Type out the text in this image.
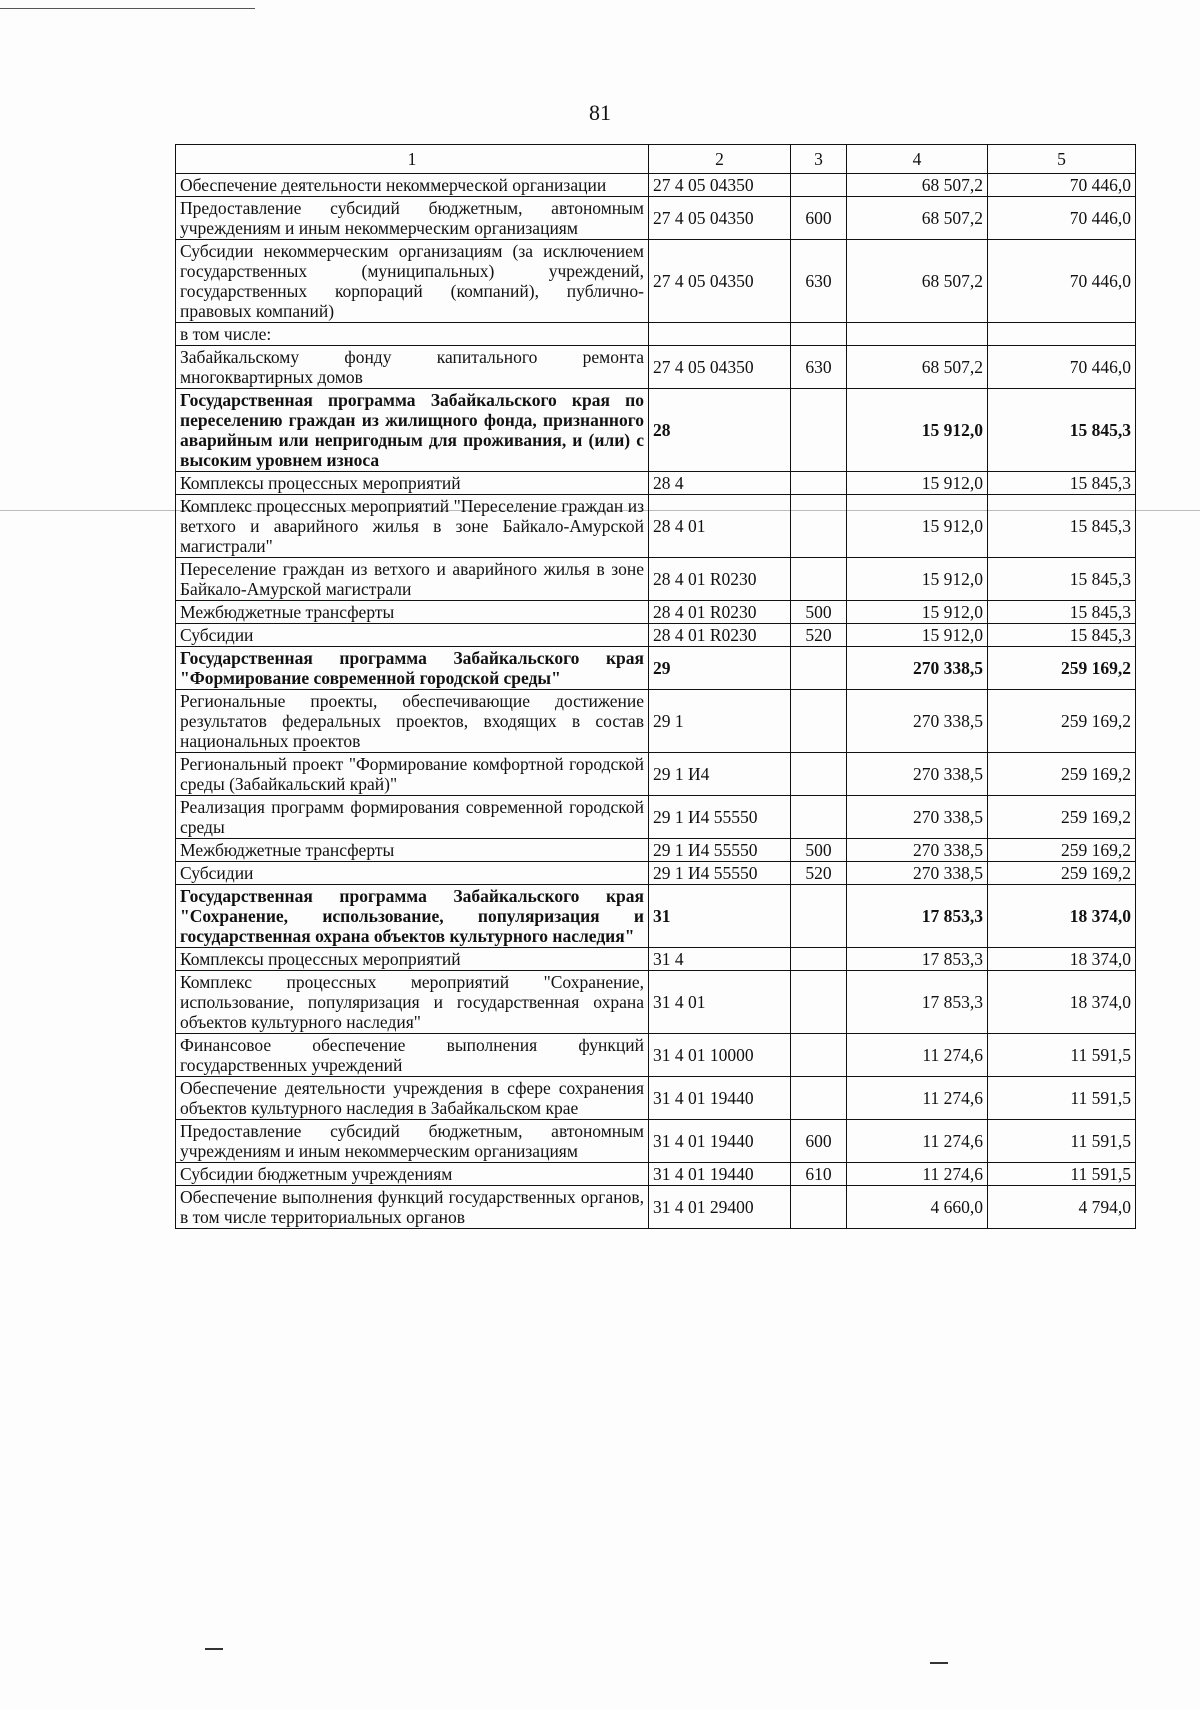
81
1	2	3	4	5
Обеспечение деятельности некоммерческой организации	27 4 05 04350		68 507,2	70 446,0
Предоставление субсидий бюджетным, автономным учреждениям и иным некоммерческим организациям	27 4 05 04350	600	68 507,2	70 446,0
Субсидии некоммерческим организациям (за исключением государственных (муниципальных) учреждений, государственных корпораций (компаний), публично-правовых компаний)	27 4 05 04350	630	68 507,2	70 446,0
в том числе:				
Забайкальскому фонду капитального ремонта многоквартирных домов	27 4 05 04350	630	68 507,2	70 446,0
Государственная программа Забайкальского края по переселению граждан из жилищного фонда, признанного аварийным или непригодным для проживания, и (или) с высоким уровнем износа	28		15 912,0	15 845,3
Комплексы процессных мероприятий	28 4		15 912,0	15 845,3
Комплекс процессных мероприятий "Переселение граждан из ветхого и аварийного жилья в зоне Байкало-Амурской магистрали"	28 4 01		15 912,0	15 845,3
Переселение граждан из ветхого и аварийного жилья в зоне Байкало-Амурской магистрали	28 4 01 R0230		15 912,0	15 845,3
Межбюджетные трансферты	28 4 01 R0230	500	15 912,0	15 845,3
Субсидии	28 4 01 R0230	520	15 912,0	15 845,3
Государственная программа Забайкальского края "Формирование современной городской среды"	29		270 338,5	259 169,2
Региональные проекты, обеспечивающие достижение результатов федеральных проектов, входящих в состав национальных проектов	29 1		270 338,5	259 169,2
Региональный проект "Формирование комфортной городской среды (Забайкальский край)"	29 1 И4		270 338,5	259 169,2
Реализация программ формирования современной городской среды	29 1 И4 55550		270 338,5	259 169,2
Межбюджетные трансферты	29 1 И4 55550	500	270 338,5	259 169,2
Субсидии	29 1 И4 55550	520	270 338,5	259 169,2
Государственная программа Забайкальского края "Сохранение, использование, популяризация и государственная охрана объектов культурного наследия"	31		17 853,3	18 374,0
Комплексы процессных мероприятий	31 4		17 853,3	18 374,0
Комплекс процессных мероприятий "Сохранение, использование, популяризация и государственная охрана объектов культурного наследия"	31 4 01		17 853,3	18 374,0
Финансовое обеспечение выполнения функций государственных учреждений	31 4 01 10000		11 274,6	11 591,5
Обеспечение деятельности учреждения в сфере сохранения объектов культурного наследия в Забайкальском крае	31 4 01 19440		11 274,6	11 591,5
Предоставление субсидий бюджетным, автономным учреждениям и иным некоммерческим организациям	31 4 01 19440	600	11 274,6	11 591,5
Субсидии бюджетным учреждениям	31 4 01 19440	610	11 274,6	11 591,5
Обеспечение выполнения функций государственных органов, в том числе территориальных органов	31 4 01 29400		4 660,0	4 794,0
